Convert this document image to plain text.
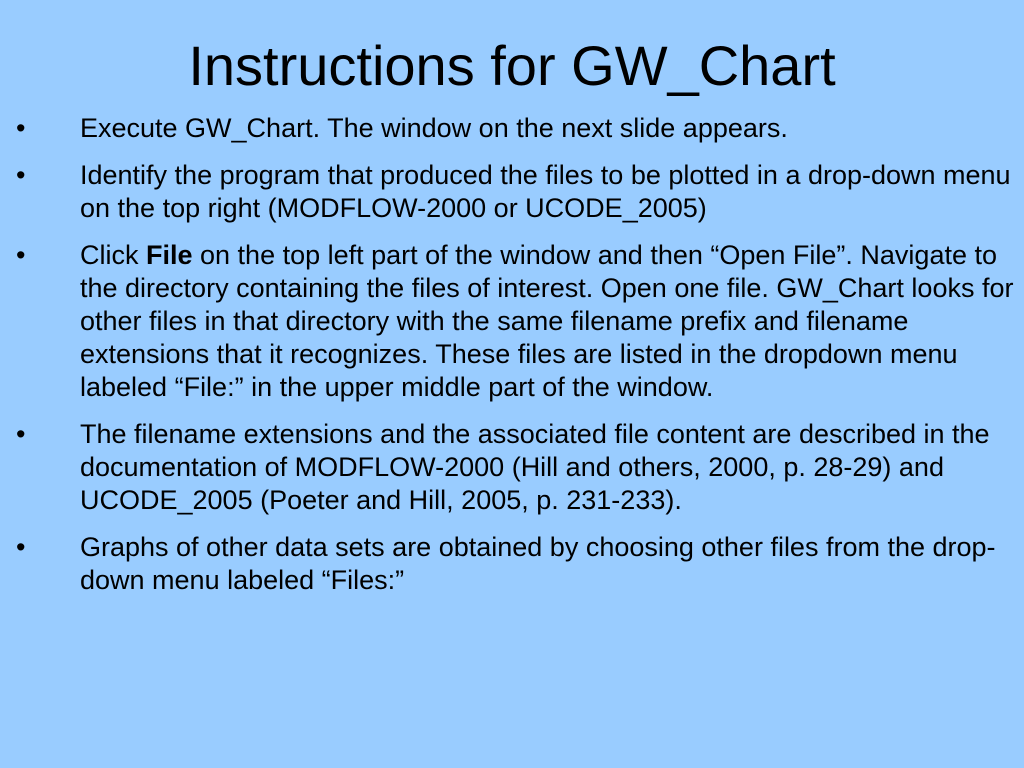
Instructions for GW_Chart
•	Execute GW_Chart. The window on the next slide appears.
•	Identify the program that produced the files to be plotted in a drop-down menu on the top right (MODFLOW-2000 or UCODE_2005)
•	Click File on the top left part of the window and then “Open File”. Navigate to the directory containing the files of interest. Open one file. GW_Chart looks for other files in that directory with the same filename prefix and filename extensions that it recognizes. These files are listed in the dropdown menu labeled “File:” in the upper middle part of the window.
•	The filename extensions and the associated file content are described in the documentation of MODFLOW-2000 (Hill and others, 2000, p. 28-29) and UCODE_2005 (Poeter and Hill, 2005, p. 231-233).
•	Graphs of other data sets are obtained by choosing other files from the drop-down menu labeled “Files:”
